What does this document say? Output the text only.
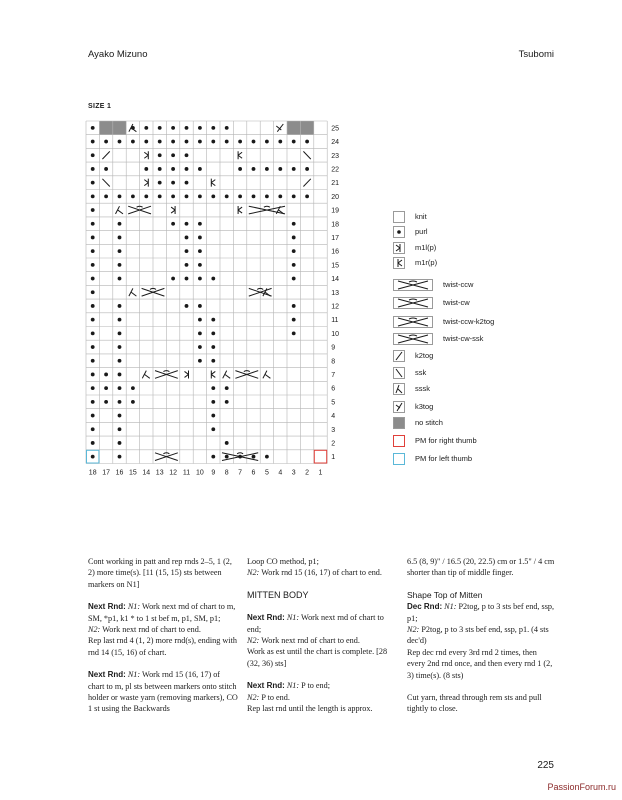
Ayako Mizuno	Tsubomi
SIZE 1
25
24
23
22
21
20
19
18
17
16
15
14
13
12
11
10
9
8
7
6
5
4
3
2
1
18 17 16 15 14 13 12 11 10 9 8 7 6 5 4 3 2 1
knit
purl
m1l(p)
m1r(p)
twist-ccw
twist-cw
twist-ccw-k2tog
twist-cw-ssk
k2tog
ssk
sssk
k3tog
no stitch
PM for right thumb
PM for left thumb

Cont working in patt and rep rnds 2–5, 1 (2, 2) more time(s). [11 (15, 15) sts between markers on N1]

Next Rnd: N1: Work next rnd of chart to m, SM, *p1, k1 * to 1 st bef m, p1, SM, p1;
N2: Work next rnd of chart to end.
Rep last rnd 4 (1, 2) more rnd(s), ending with rnd 14 (15, 16) of chart.

Next Rnd: N1: Work rnd 15 (16, 17) of chart to m, pl sts between markers onto stitch holder or waste yarn (removing markers), CO 1 st using the Backwards

Loop CO method, p1;
N2: Work rnd 15 (16, 17) of chart to end.

MITTEN BODY

Next Rnd: N1: Work next rnd of chart to end;
N2: Work next rnd of chart to end.
Work as est until the chart is complete. [28 (32, 36) sts]

Next Rnd: N1: P to end;
N2: P to end.
Rep last rnd until the length is approx.

6.5 (8, 9)" / 16.5 (20, 22.5) cm or 1.5" / 4 cm shorter than tip of middle finger.

Shape Top of Mitten

Dec Rnd: N1: P2tog, p to 3 sts bef end, ssp, p1;
N2: P2tog, p to 3 sts bef end, ssp, p1. (4 sts dec'd)
Rep dec rnd every 3rd rnd 2 times, then every 2nd rnd once, and then every rnd 1 (2, 3) time(s). (8 sts)

Cut yarn, thread through rem sts and pull tightly to close.

225
PassionForum.ru
